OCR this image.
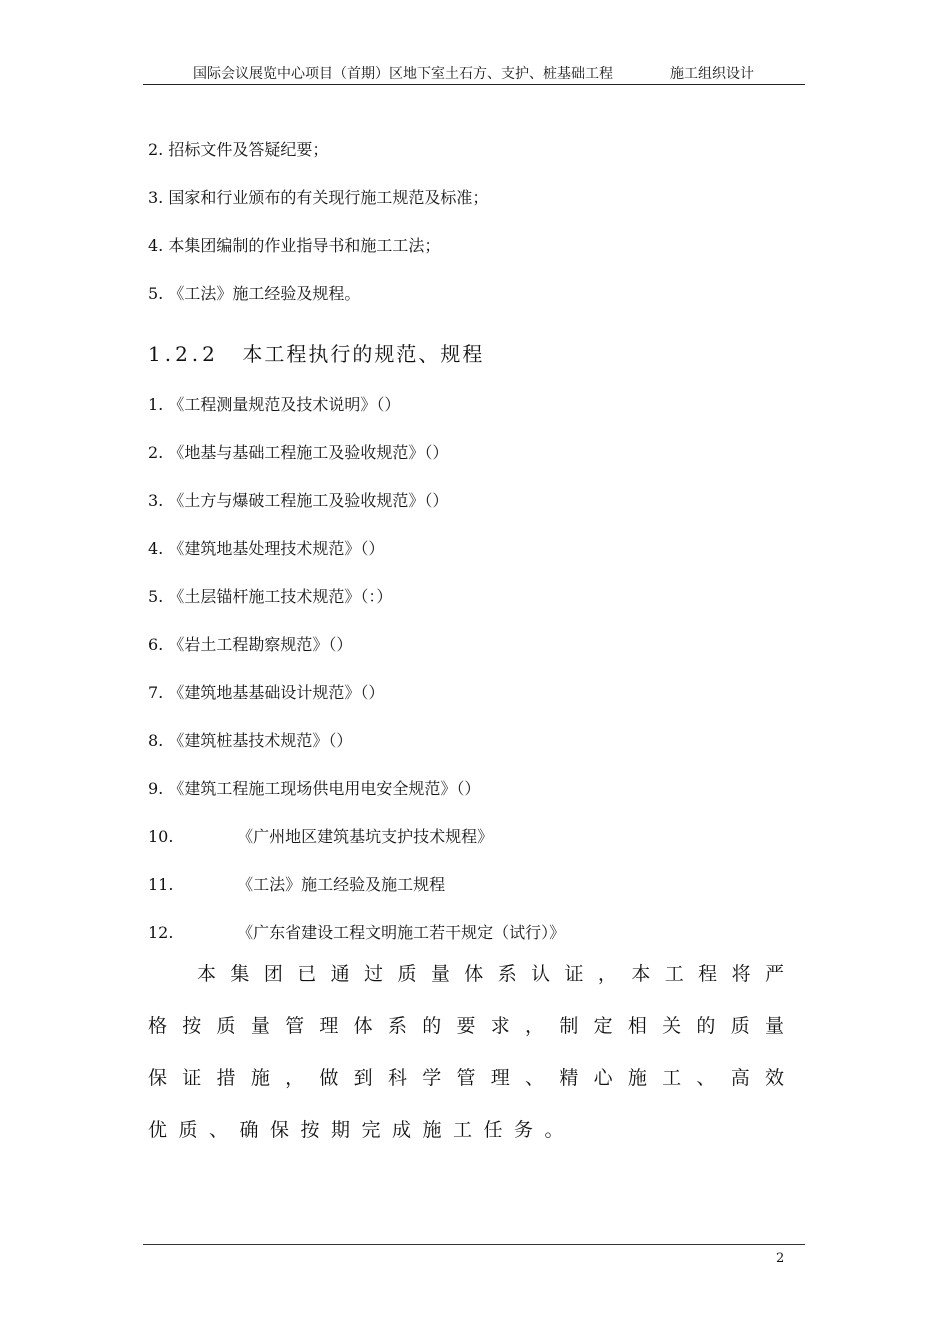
国际会议展览中心项目（首期）区地下室土石方、支护、桩基础工程	施工组织设计
2. 招标文件及答疑纪要；
3. 国家和行业颁布的有关现行施工规范及标准；
4. 本集团编制的作业指导书和施工工法；
5. 《工法》施工经验及规程。
1.2.2 本工程执行的规范、规程
1. 《工程测量规范及技术说明》（）
2. 《地基与基础工程施工及验收规范》（）
3. 《土方与爆破工程施工及验收规范》（）
4. 《建筑地基处理技术规范》（）
5. 《土层锚杆施工技术规范》（：）
6. 《岩土工程勘察规范》（）
7. 《建筑地基基础设计规范》（）
8. 《建筑桩基技术规范》（）
9. 《建筑工程施工现场供电用电安全规范》（）
10.	《广州地区建筑基坑支护技术规程》
11.	《工法》施工经验及施工规程
12.	《广东省建设工程文明施工若干规定（试行）》
本集团已通过质量体系认证，本工程将严
格按质量管理体系的要求，制定相关的质量
保证措施，做到科学管理、精心施工、高效
优质、确保按期完成施工任务。
2
